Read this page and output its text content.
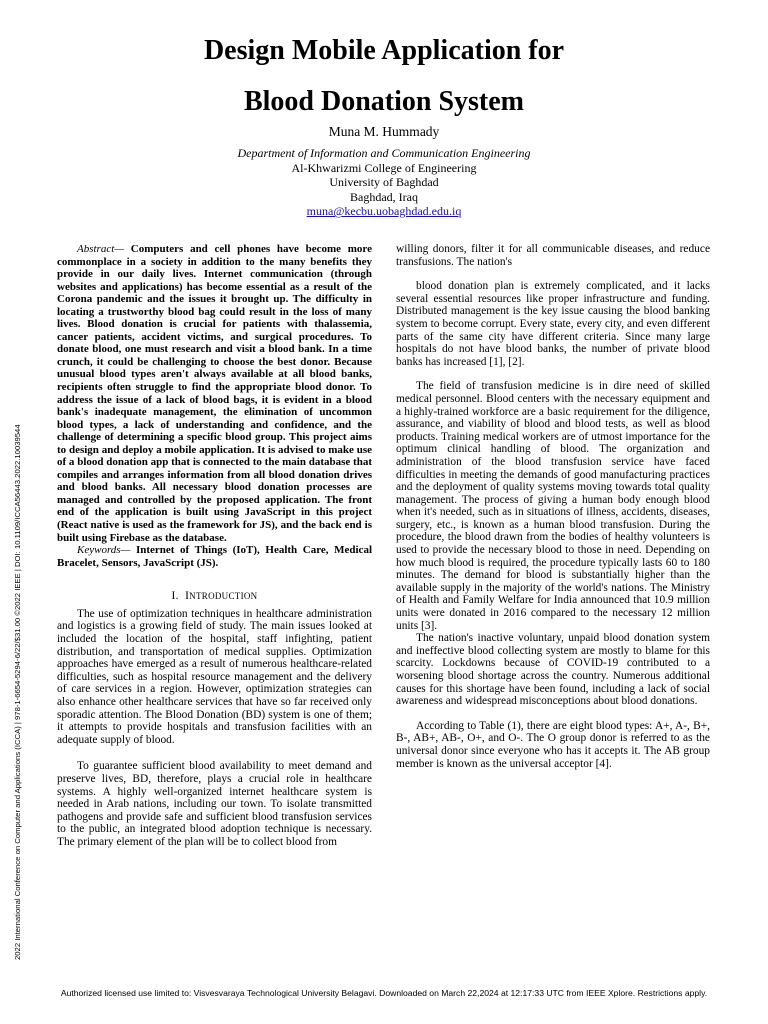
Design Mobile Application for
Blood Donation System
Muna M. Hummady
Department of Information and Communication Engineering
Al-Khwarizmi College of Engineering
University of Baghdad
Baghdad, Iraq
muna@kecbu.uobaghdad.edu.iq

Abstract— Computers and cell phones have become more commonplace in a society in addition to the many benefits they provide in our daily lives. Internet communication (through websites and applications) has become essential as a result of the Corona pandemic and the issues it brought up. The difficulty in locating a trustworthy blood bag could result in the loss of many lives. Blood donation is crucial for patients with thalassemia, cancer patients, accident victims, and surgical procedures. To donate blood, one must research and visit a blood bank. In a time crunch, it could be challenging to choose the best donor. Because unusual blood types aren't always available at all blood banks, recipients often struggle to find the appropriate blood donor. To address the issue of a lack of blood bags, it is evident in a blood bank's inadequate management, the elimination of uncommon blood types, a lack of understanding and confidence, and the challenge of determining a specific blood group. This project aims to design and deploy a mobile application. It is advised to make use of a blood donation app that is connected to the main database that compiles and arranges information from all blood donation drives and blood banks. All necessary blood donation processes are managed and controlled by the proposed application. The front end of the application is built using JavaScript in this project (React native is used as the framework for JS), and the back end is built using Firebase as the database.

Keywords— Internet of Things (IoT), Health Care, Medical Bracelet, Sensors, JavaScript (JS).

I. INTRODUCTION

The use of optimization techniques in healthcare administration and logistics is a growing field of study. The main issues looked at included the location of the hospital, staff infighting, patient distribution, and transportation of medical supplies. Optimization approaches have emerged as a result of numerous healthcare-related difficulties, such as hospital resource management and the delivery of care services in a region. However, optimization strategies can also enhance other healthcare services that have so far received only sporadic attention. The Blood Donation (BD) system is one of them; it attempts to provide hospitals and transfusion facilities with an adequate supply of blood.

To guarantee sufficient blood availability to meet demand and preserve lives, BD, therefore, plays a crucial role in healthcare systems. A highly well-organized internet healthcare system is needed in Arab nations, including our town. To isolate transmitted pathogens and provide safe and sufficient blood transfusion services to the public, an integrated blood adoption technique is necessary. The primary element of the plan will be to collect blood from

willing donors, filter it for all communicable diseases, and reduce transfusions. The nation's

blood donation plan is extremely complicated, and it lacks several essential resources like proper infrastructure and funding. Distributed management is the key issue causing the blood banking system to become corrupt. Every state, every city, and even different parts of the same city have different criteria. Since many large hospitals do not have blood banks, the number of private blood banks has increased [1], [2].

The field of transfusion medicine is in dire need of skilled medical personnel. Blood centers with the necessary equipment and a highly-trained workforce are a basic requirement for the diligence, assurance, and viability of blood and blood tests, as well as blood products. Training medical workers are of utmost importance for the optimum clinical handling of blood. The organization and administration of the blood transfusion service have faced difficulties in meeting the demands of good manufacturing practices and the deployment of quality systems moving towards total quality management. The process of giving a human body enough blood when it's needed, such as in situations of illness, accidents, diseases, surgery, etc., is known as a human blood transfusion. During the procedure, the blood drawn from the bodies of healthy volunteers is used to provide the necessary blood to those in need. Depending on how much blood is required, the procedure typically lasts 60 to 180 minutes. The demand for blood is substantially higher than the available supply in the majority of the world's nations. The Ministry of Health and Family Welfare for India announced that 10.9 million units were donated in 2016 compared to the necessary 12 million units [3].

The nation's inactive voluntary, unpaid blood donation system and ineffective blood collecting system are mostly to blame for this scarcity. Lockdowns because of COVID-19 contributed to a worsening blood shortage across the country. Numerous additional causes for this shortage have been found, including a lack of social awareness and widespread misconceptions about blood donations.

According to Table (1), there are eight blood types: A+, A-, B+, B-, AB+, AB-, O+, and O-. The O group donor is referred to as the universal donor since everyone who has it accepts it. The AB group member is known as the universal acceptor [4].

2022 International Conference on Computer and Applications (ICCA) | 978-1-6654-5294-6/22/$31.00 ©2022 IEEE | DOI: 10.1109/ICCA56443.2022.10039544
Authorized licensed use limited to: Visvesvaraya Technological University Belagavi. Downloaded on March 22,2024 at 12:17:33 UTC from IEEE Xplore. Restrictions apply.
